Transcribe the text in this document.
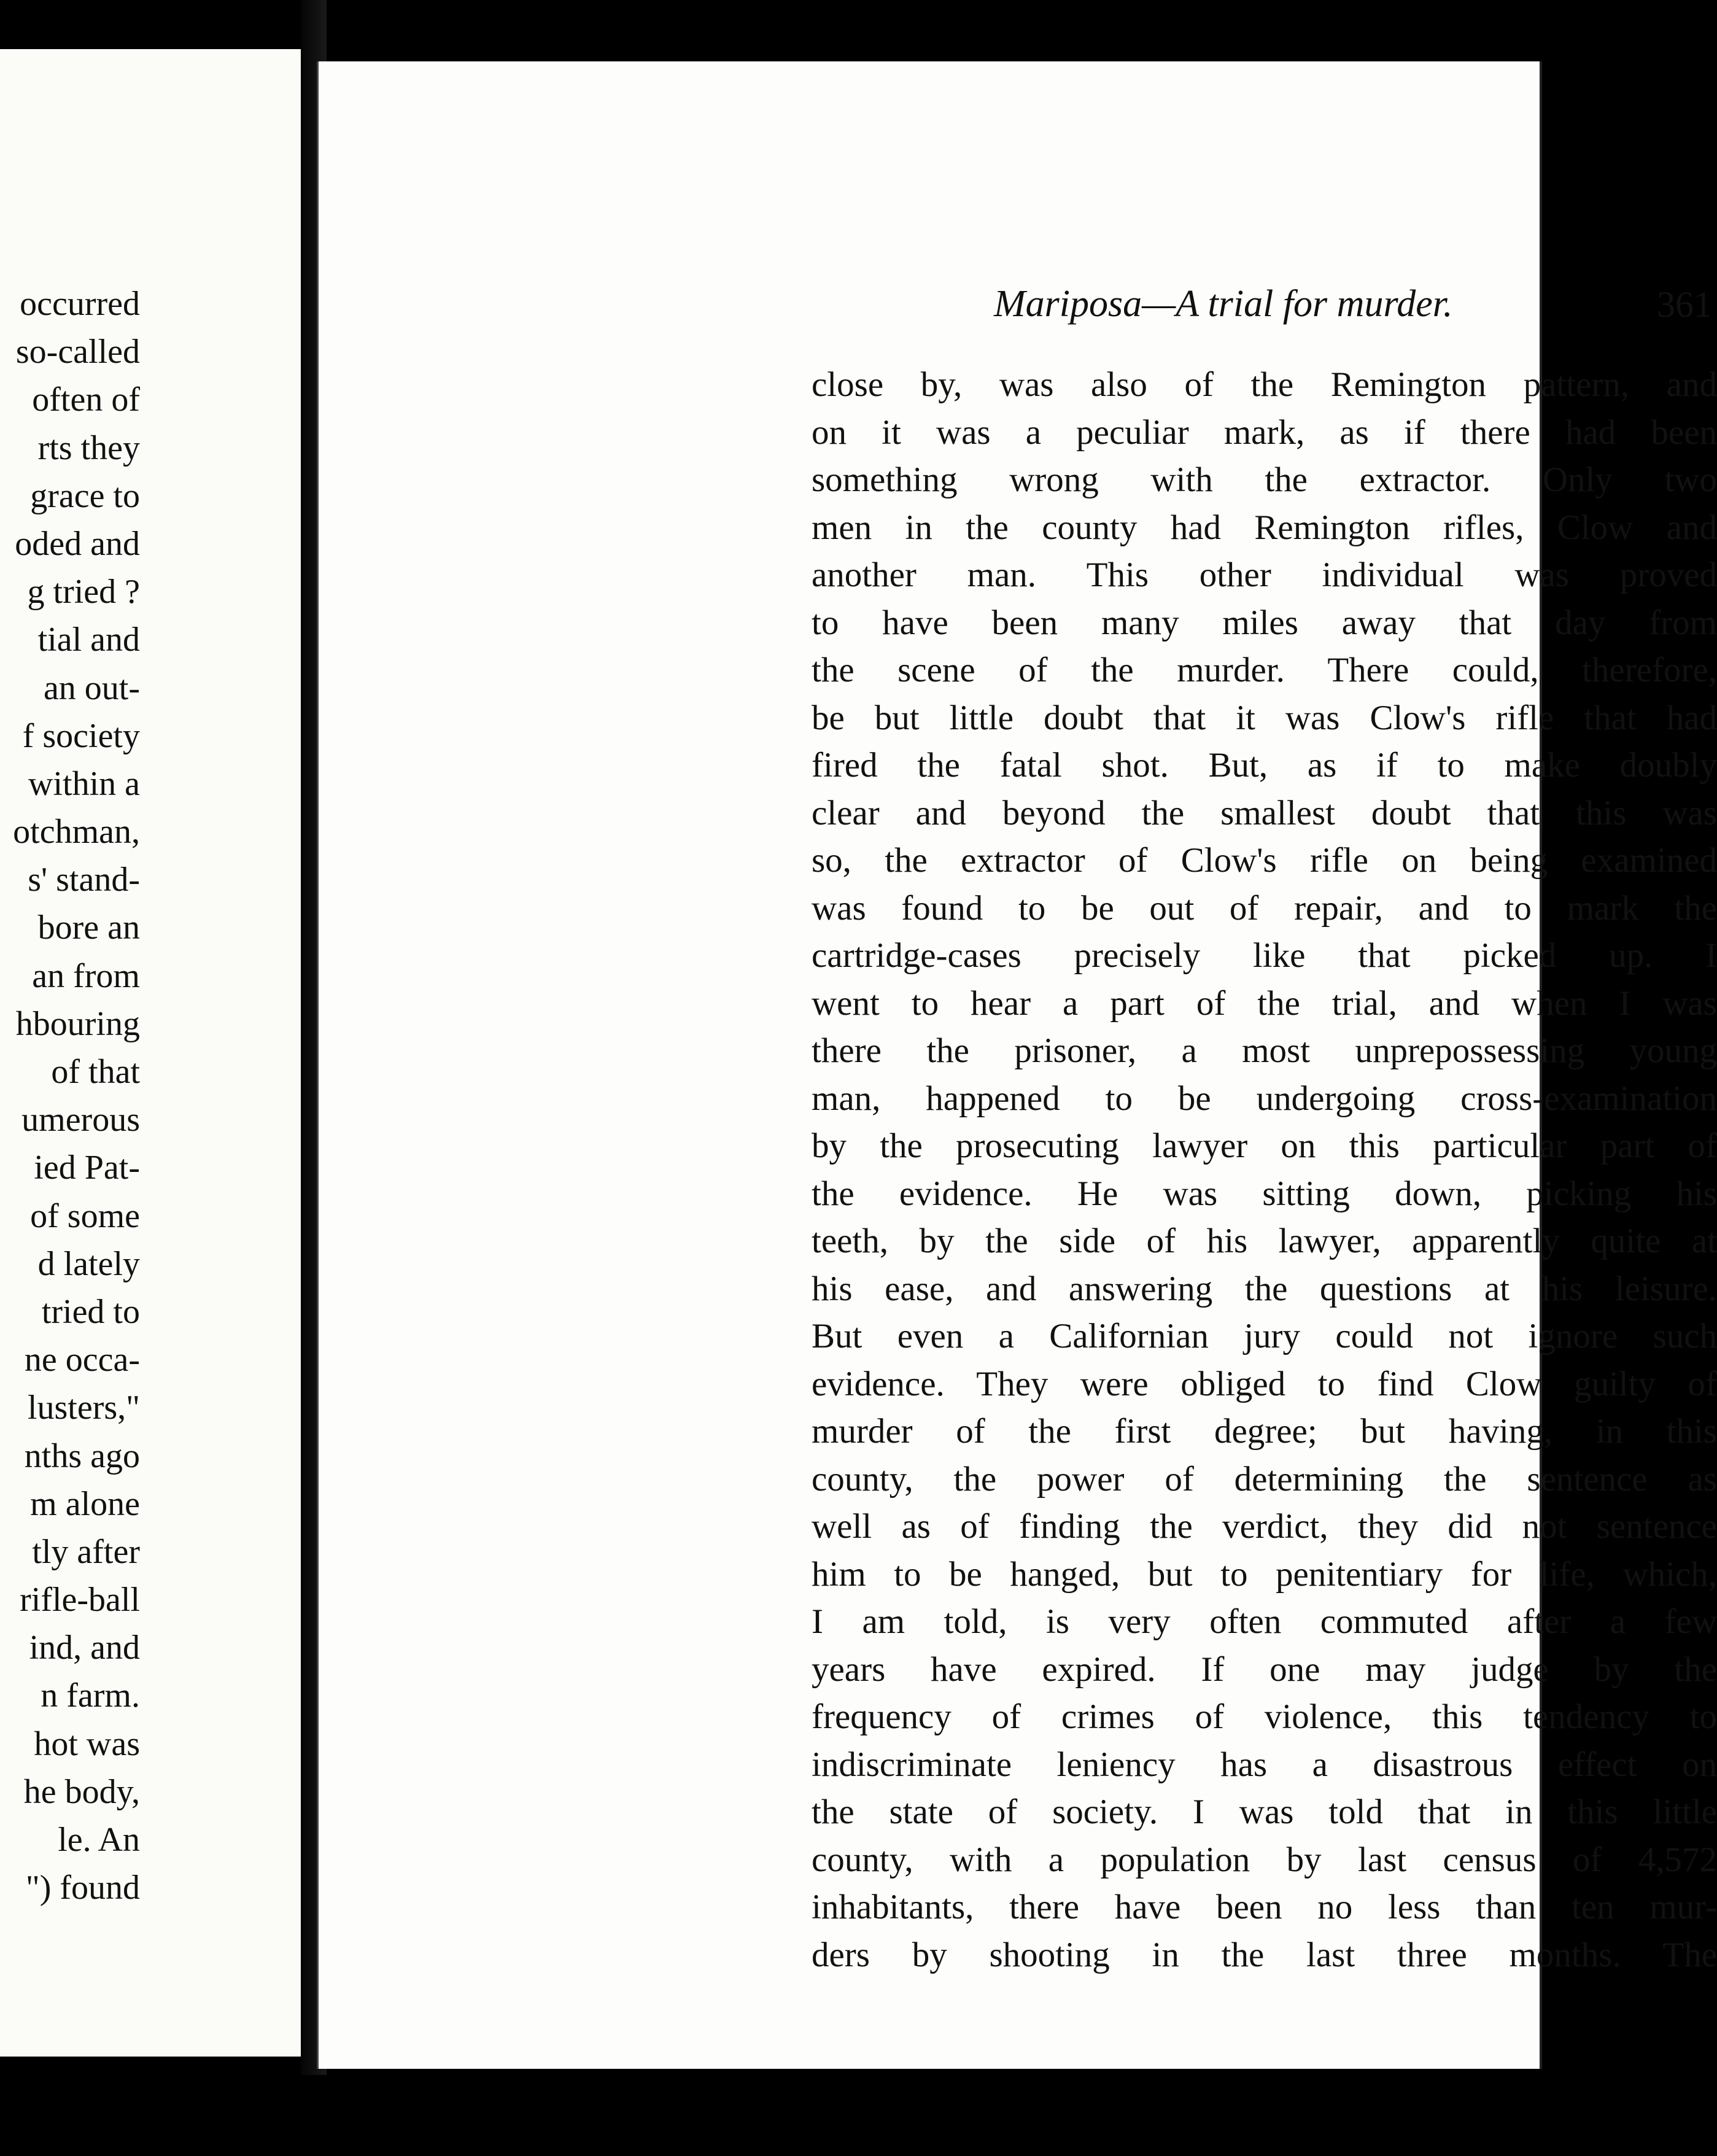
occurred
so-called
often of
rts they
grace to
oded and
g tried ?
tial and
an out-
f society
within a
otchman,
s' stand-
bore an
an from
hbouring
of that
umerous
ied Pat-
of some
d lately
tried to
ne occa-
lusters,"
nths ago
m alone
tly after
rifle-ball
ind, and
n farm.
hot was
he body,
le. An
") found
Mariposa—A trial for murder.	361
close by, was also of the Remington pattern, and
on it was a peculiar mark, as if there had been
something wrong with the extractor. Only two
men in the county had Remington rifles, Clow and
another man. This other individual was proved
to have been many miles away that day from
the scene of the murder. There could, therefore,
be but little doubt that it was Clow's rifle that had
fired the fatal shot. But, as if to make doubly
clear and beyond the smallest doubt that this was
so, the extractor of Clow's rifle on being examined
was found to be out of repair, and to mark the
cartridge-cases precisely like that picked up. I
went to hear a part of the trial, and when I was
there the prisoner, a most unprepossessing young
man, happened to be undergoing cross-examination
by the prosecuting lawyer on this particular part of
the evidence. He was sitting down, picking his
teeth, by the side of his lawyer, apparently quite at
his ease, and answering the questions at his leisure.
But even a Californian jury could not ignore such
evidence. They were obliged to find Clow guilty of
murder of the first degree; but having, in this
county, the power of determining the sentence as
well as of finding the verdict, they did not sentence
him to be hanged, but to penitentiary for life, which,
I am told, is very often commuted after a few
years have expired. If one may judge by the
frequency of crimes of violence, this tendency to
indiscriminate leniency has a disastrous effect on
the state of society. I was told that in this little
county, with a population by last census of 4,572
inhabitants, there have been no less than ten mur-
ders by shooting in the last three months. The
